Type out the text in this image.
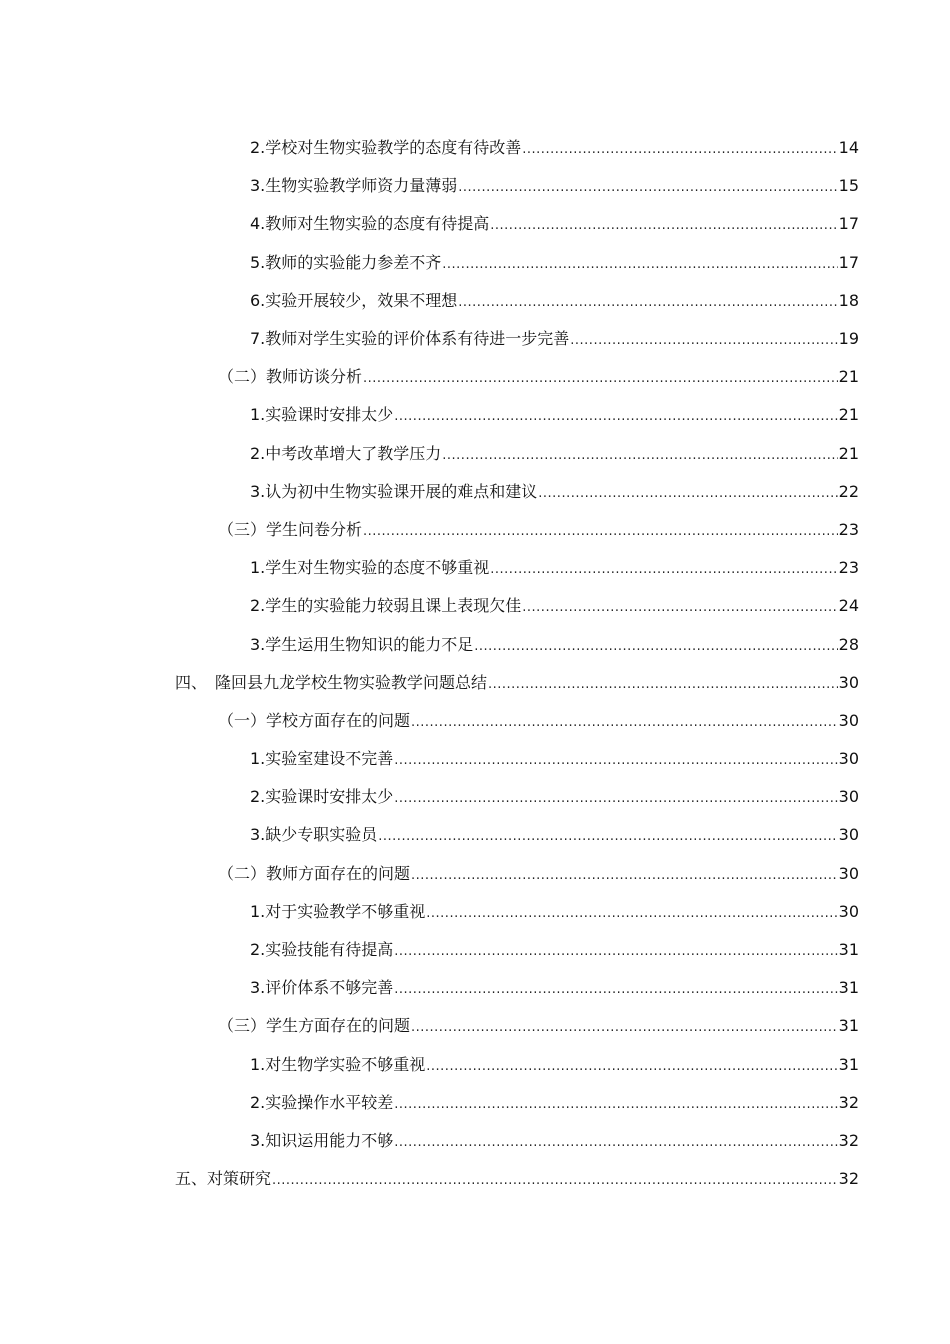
2.学校对生物实验教学的态度有待改善 .....	14
3.生物实验教学师资力量薄弱 .....	15
4.教师对生物实验的态度有待提高 .....	17
5.教师的实验能力参差不齐 .....	17
6.实验开展较少，效果不理想 .....	18
7.教师对学生实验的评价体系有待进一步完善 .....	19
（二）教师访谈分析 .....	21
1.实验课时安排太少 .....	21
2.中考改革增大了教学压力 .....	21
3.认为初中生物实验课开展的难点和建议 .....	22
（三）学生问卷分析 .....	23
1.学生对生物实验的态度不够重视 .....	23
2.学生的实验能力较弱且课上表现欠佳 .....	24
3.学生运用生物知识的能力不足 .....	28
四、　隆回县九龙学校生物实验教学问题总结 .....	30
（一）学校方面存在的问题 .....	30
1.实验室建设不完善 .....	30
2.实验课时安排太少 .....	30
3.缺少专职实验员 .....	30
（二）教师方面存在的问题 .....	30
1.对于实验教学不够重视 .....	30
2.实验技能有待提高 .....	31
3.评价体系不够完善 .....	31
（三）学生方面存在的问题 .....	31
1.对生物学实验不够重视 .....	31
2.实验操作水平较差 .....	32
3.知识运用能力不够 .....	32
五、对策研究 .....	32
